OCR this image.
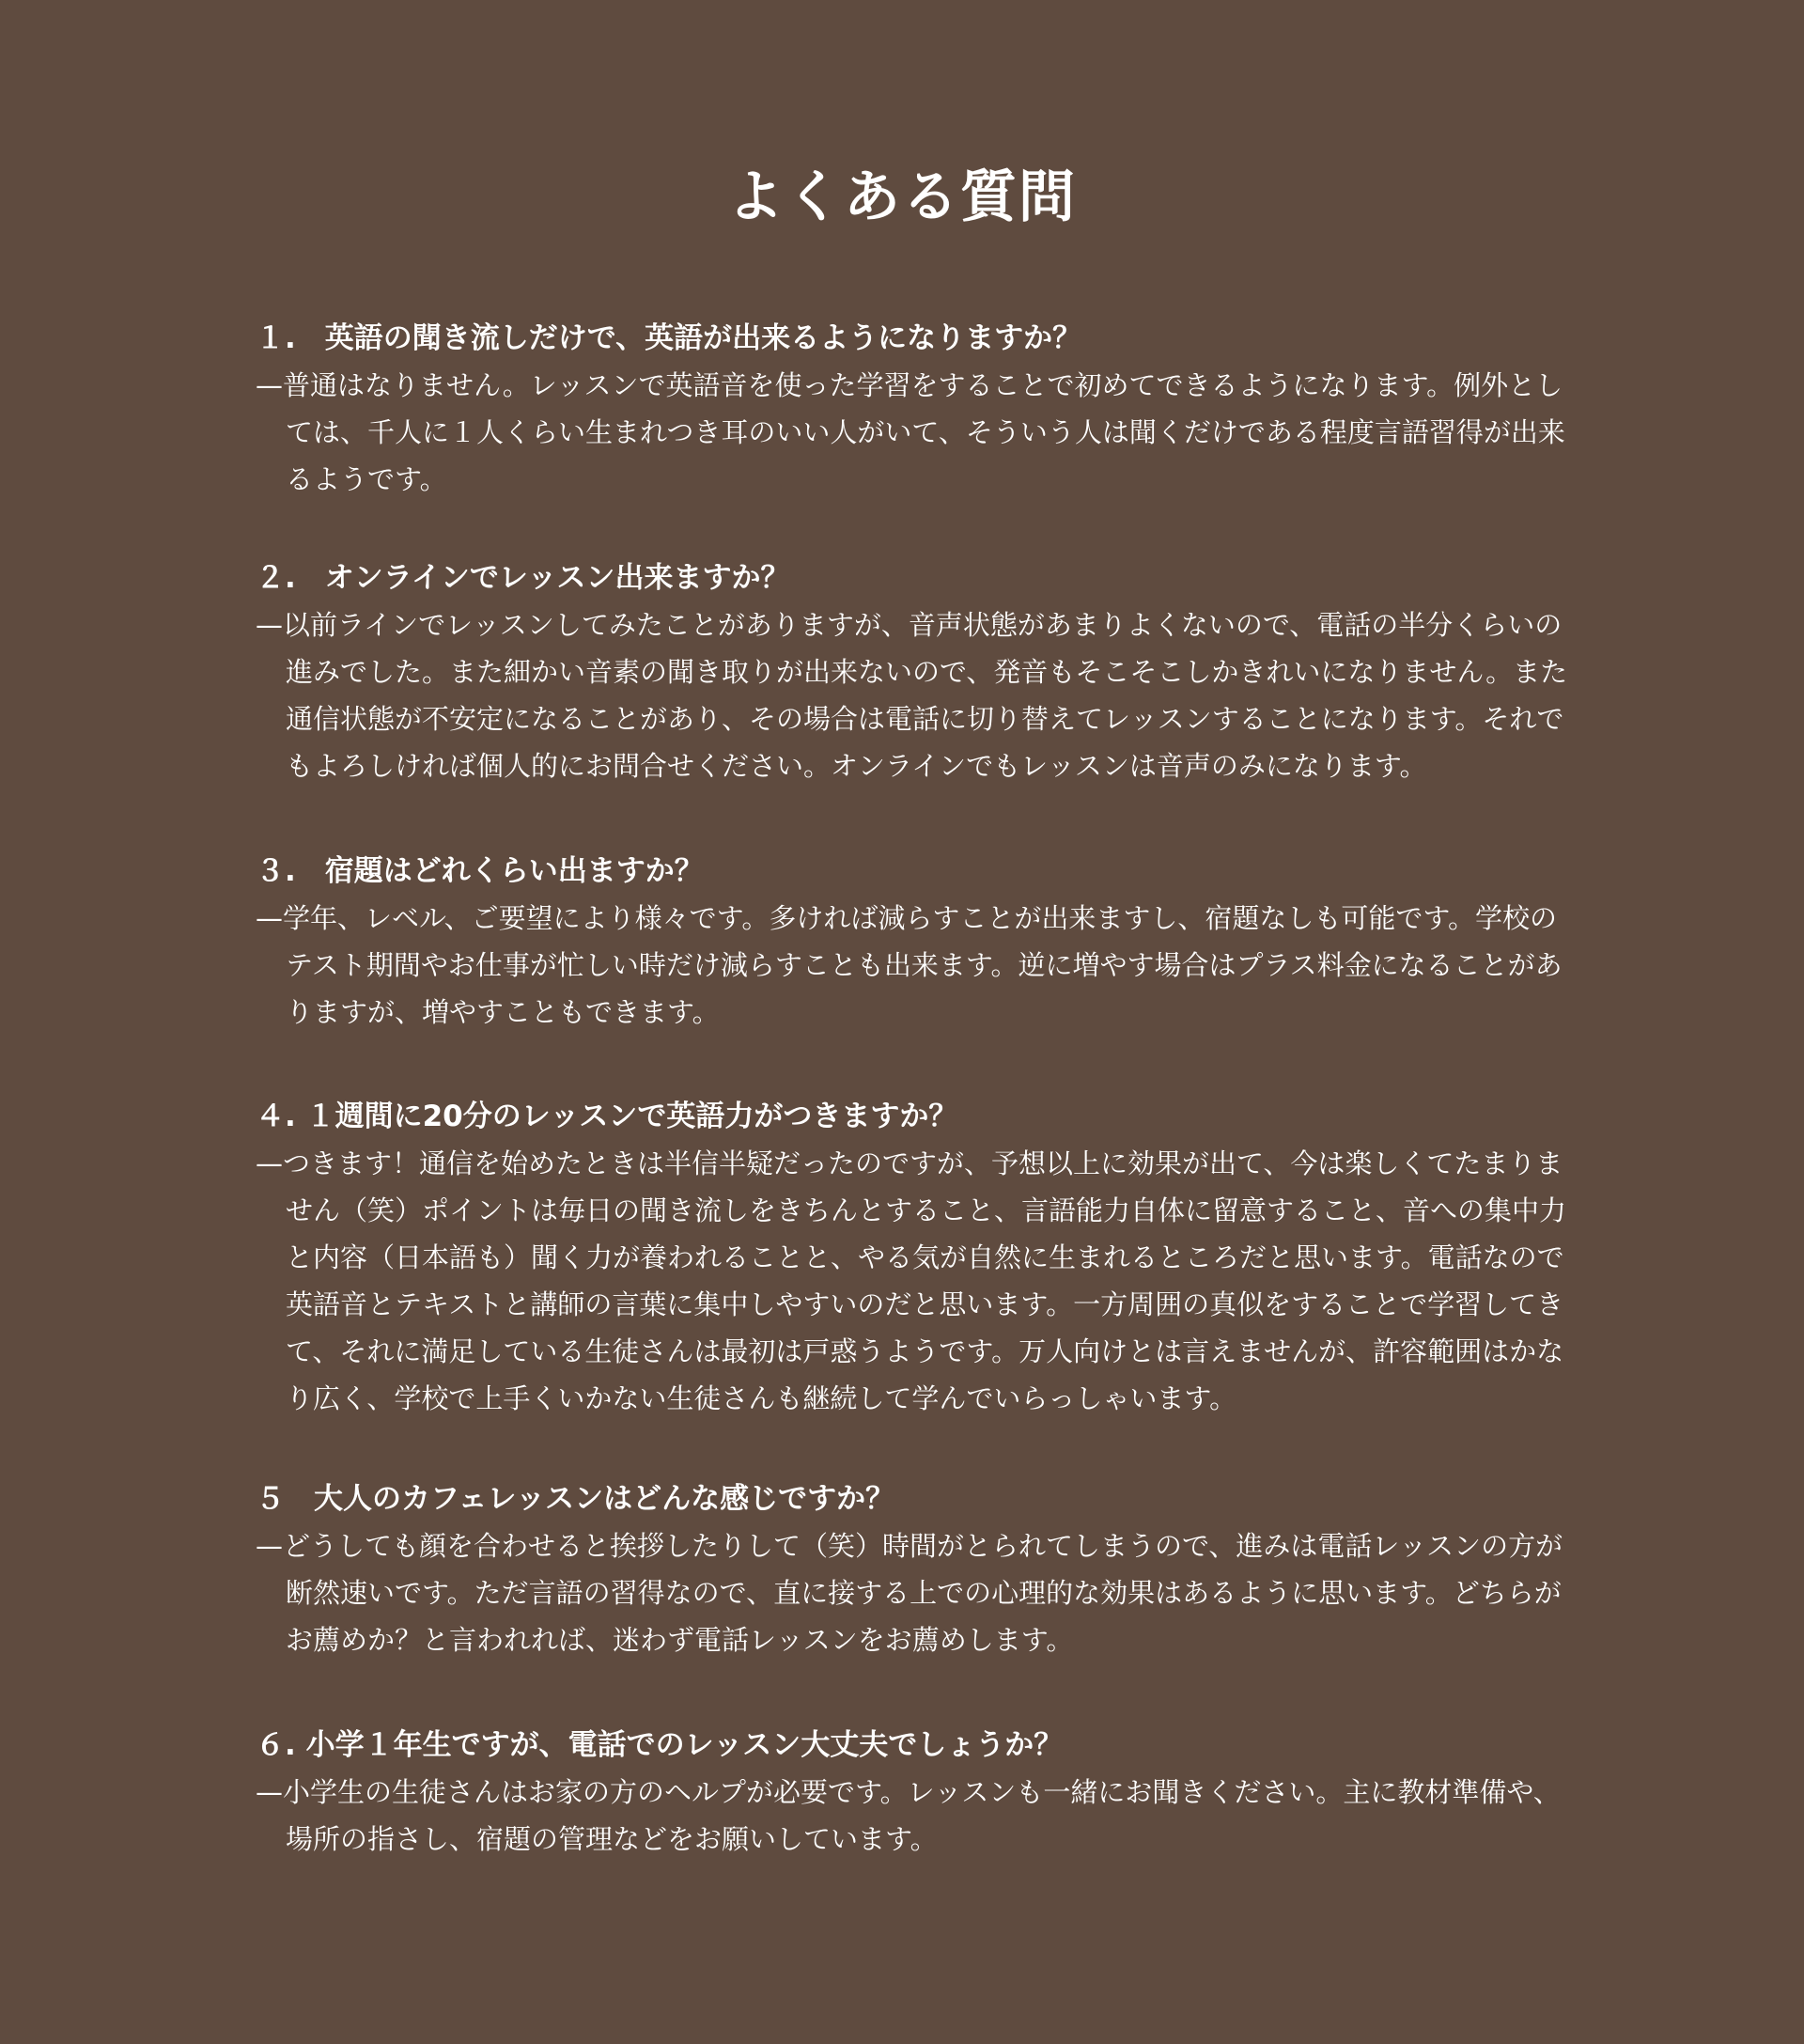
よくある質問
１.　英語の聞き流しだけで、英語が出来るようになりますか？
—普通はなりません。レッスンで英語音を使った学習をすることで初めてできるようになります。例外としては、千人に１人くらい生まれつき耳のいい人がいて、そういう人は聞くだけである程度言語習得が出来るようです。
２.　オンラインでレッスン出来ますか？
—以前ラインでレッスンしてみたことがありますが、音声状態があまりよくないので、電話の半分くらいの進みでした。また細かい音素の聞き取りが出来ないので、発音もそこそこしかきれいになりません。また通信状態が不安定になることがあり、その場合は電話に切り替えてレッスンすることになります。それでもよろしければ個人的にお問合せください。オンラインでもレッスンは音声のみになります。
３.　宿題はどれくらい出ますか？
—学年、レベル、ご要望により様々です。多ければ減らすことが出来ますし、宿題なしも可能です。学校のテスト期間やお仕事が忙しい時だけ減らすことも出来ます。逆に増やす場合はプラス料金になることがありますが、増やすこともできます。
４. １週間に20分のレッスンで英語力がつきますか？
—つきます！通信を始めたときは半信半疑だったのですが、予想以上に効果が出て、今は楽しくてたまりません（笑）ポイントは毎日の聞き流しをきちんとすること、言語能力自体に留意すること、音への集中力と内容（日本語も）聞く力が養われることと、やる気が自然に生まれるところだと思います。電話なので英語音とテキストと講師の言葉に集中しやすいのだと思います。一方周囲の真似をすることで学習してきて、それに満足している生徒さんは最初は戸惑うようです。万人向けとは言えませんが、許容範囲はかなり広く、学校で上手くいかない生徒さんも継続して学んでいらっしゃいます。
５　大人のカフェレッスンはどんな感じですか？
—どうしても顔を合わせると挨拶したりして（笑）時間がとられてしまうので、進みは電話レッスンの方が断然速いです。ただ言語の習得なので、直に接する上での心理的な効果はあるように思います。どちらがお薦めか？と言われれば、迷わず電話レッスンをお薦めします。
６. 小学１年生ですが、電話でのレッスン大丈夫でしょうか？
—小学生の生徒さんはお家の方のヘルプが必要です。レッスンも一緒にお聞きください。主に教材準備や、場所の指さし、宿題の管理などをお願いしています。
